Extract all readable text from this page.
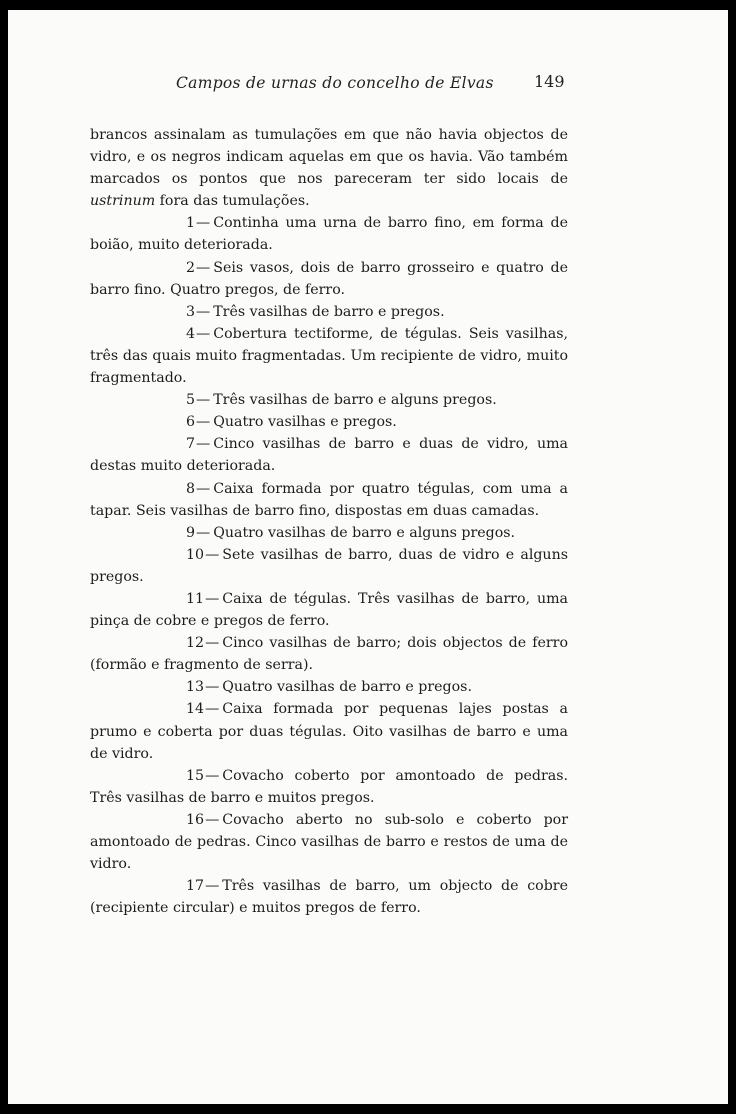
Campos de urnas do concelho de Elvas	149

brancos assinalam as tumulações em que não havia objectos de vidro, e os negros indicam aquelas em que os havia. Vão também marcados os pontos que nos pareceram ter sido locais de ustrinum fora das tumulações.

1— Continha uma urna de barro fino, em forma de boião, muito deteriorada.

2— Seis vasos, dois de barro grosseiro e quatro de barro fino. Quatro pregos, de ferro.

3— Três vasilhas de barro e pregos.

4— Cobertura tectiforme, de tégulas. Seis vasilhas, três das quais muito fragmentadas. Um recipiente de vidro, muito fragmentado.

5— Três vasilhas de barro e alguns pregos.

6— Quatro vasilhas e pregos.

7— Cinco vasilhas de barro e duas de vidro, uma destas muito deteriorada.

8— Caixa formada por quatro tégulas, com uma a tapar. Seis vasilhas de barro fino, dispostas em duas camadas.

9— Quatro vasilhas de barro e alguns pregos.

10— Sete vasilhas de barro, duas de vidro e alguns pregos.

11— Caixa de tégulas. Três vasilhas de barro, uma pinça de cobre e pregos de ferro.

12— Cinco vasilhas de barro; dois objectos de ferro (formão e fragmento de serra).

13— Quatro vasilhas de barro e pregos.

14— Caixa formada por pequenas lajes postas a prumo e coberta por duas tégulas. Oito vasilhas de barro e uma de vidro.

15— Covacho coberto por amontoado de pedras. Três vasilhas de barro e muitos pregos.

16— Covacho aberto no sub-solo e coberto por amontoado de pedras. Cinco vasilhas de barro e restos de uma de vidro.

17— Três vasilhas de barro, um objecto de cobre (recipiente circular) e muitos pregos de ferro.
